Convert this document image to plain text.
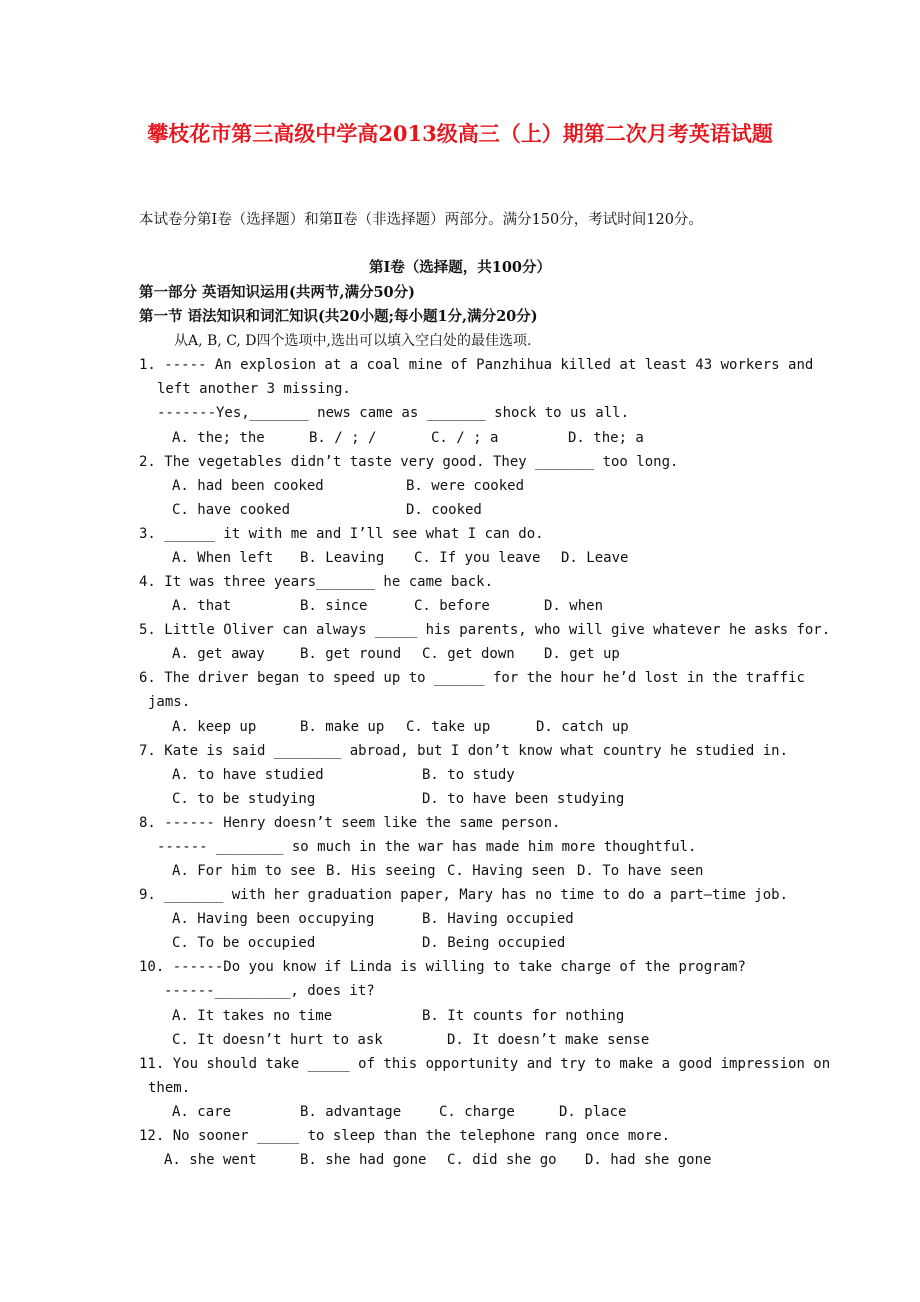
攀枝花市第三高级中学高2013级高三（上）期第二次月考英语试题
本试卷分第Ⅰ卷（选择题）和第Ⅱ卷（非选择题）两部分。满分150分，考试时间120分。
第Ⅰ卷（选择题，共100分）
第一部分 英语知识运用(共两节,满分50分)
第一节 语法知识和词汇知识(共20小题;每小题1分,满分20分)
从A, B, C, D四个选项中,选出可以填入空白处的最佳选项.
1. ----- An explosion at a coal mine of Panzhihua killed at least 43 workers and
left another 3 missing.
-------Yes,_______ news came as _______ shock to us all.
A. the; the	B. / ; /	C. / ; a	D. the; a
2. The vegetables didn’t taste very good. They _______ too long.
A. had been cooked	B. were cooked
C. have cooked	D. cooked
3. ______ it with me and I’ll see what I can do.
A. When left B. Leaving C. If you leave D. Leave
4. It was three years_______ he came back.
A. that	B. since	C. before	D. when
5. Little Oliver can always _____ his parents, who will give whatever he asks for.
A. get away	B. get round C. get down D. get up
6. The driver began to speed up to ______ for the hour he’d lost in the traffic
jams.
A. keep up	B. make up C. take up	D. catch up
7. Kate is said ________ abroad, but I don’t know what country he studied in.
A. to have studied	B. to study
C. to be studying	D. to have been studying
8. ------ Henry doesn’t seem like the same person.
------ ________ so much in the war has made him more thoughtful.
A. For him to see B. His seeing C. Having seen D. To have seen
9. _______ with her graduation paper, Mary has no time to do a part—time job.
A. Having been occupying	B. Having occupied
C. To be occupied	D. Being occupied
10. ------Do you know if Linda is willing to take charge of the program?
------_________, does it?
A. It takes no time	B. It counts for nothing
C. It doesn’t hurt to ask	D. It doesn’t make sense
11. You should take _____ of this opportunity and try to make a good impression on
them.
A. care	B. advantage	C. charge	D. place
12. No sooner _____ to sleep than the telephone rang once more.
A. she went	B. she had gone C. did she go D. had she gone
